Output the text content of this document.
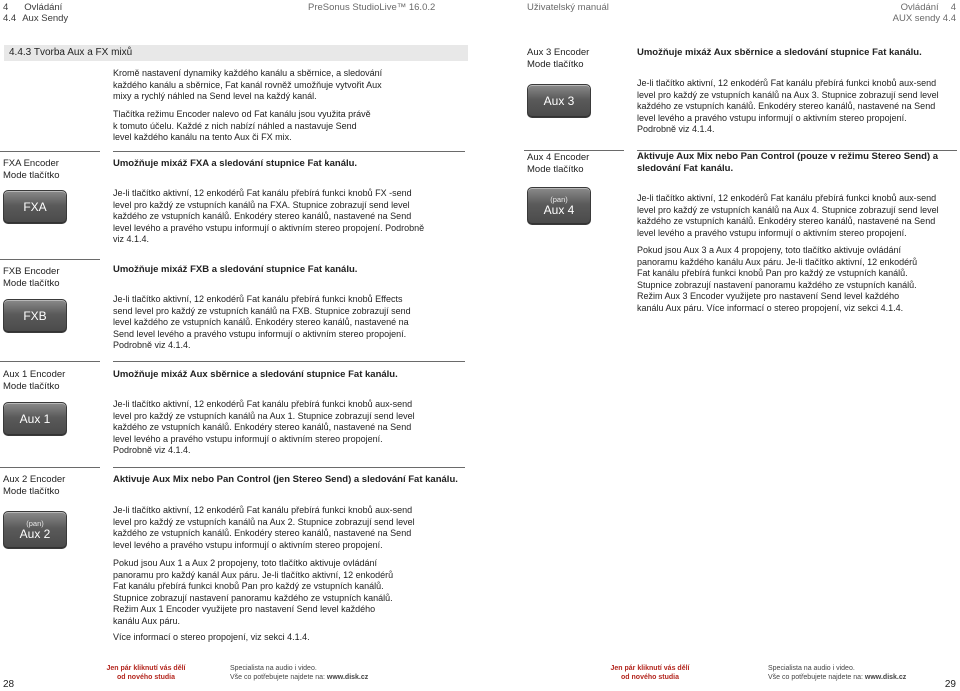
4 Ovládání
4.4 Aux Sendy
PreSonus StudioLive™ 16.0.2	Uživatelský manuál	Ovládání 4
AUX sendy 4.4
4.4.3 Tvorba Aux a FX mixů
Kromě nastavení dynamiky každého kanálu a sběrnice, a sledování
každého kanálu a sběrnice, Fat kanál rovněž umožňuje vytvořit Aux
mixy a rychlý náhled na Send level na každý kanál.
Tlačítka režimu Encoder nalevo od Fat kanálu jsou využita právě
k tomuto účelu. Každé z nich nabízí náhled a nastavuje Send
level každého kanálu na tento Aux či FX mix.
FXA Encoder
Mode tlačítko
FXA
Umožňuje mixáž FXA a sledování stupnice Fat kanálu.
Je-li tlačítko aktivní, 12 enkodérů Fat kanálu přebírá funkci knobů FX -send
level pro každý ze vstupních kanálů na FXA. Stupnice zobrazují send level
každého ze vstupních kanálů. Enkodéry stereo kanálů, nastavené na Send
level levého a pravého vstupu informují o aktivním stereo propojení. Podrobně
viz 4.1.4.
FXB Encoder
Mode tlačítko
FXB
Umožňuje mixáž FXB a sledování stupnice Fat kanálu.
Je-li tlačítko aktivní, 12 enkodérů Fat kanálu přebírá funkci knobů Effects
send level pro každý ze vstupních kanálů na FXB. Stupnice zobrazují send
level každého ze vstupních kanálů. Enkodéry stereo kanálů, nastavené na
Send level levého a pravého vstupu informují o aktivním stereo propojení.
Podrobně viz 4.1.4.
Aux 1 Encoder
Mode tlačítko
Aux 1
Umožňuje mixáž Aux sběrnice a sledování stupnice Fat kanálu.
Je-li tlačítko aktivní, 12 enkodérů Fat kanálu přebírá funkci knobů aux-send
level pro každý ze vstupních kanálů na Aux 1. Stupnice zobrazují send level
každého ze vstupních kanálů. Enkodéry stereo kanálů, nastavené na Send
level levého a pravého vstupu informují o aktivním stereo propojení.
Podrobně viz 4.1.4.
Aux 2 Encoder
Mode tlačítko
(pan)
Aux 2
Aktivuje Aux Mix nebo Pan Control (jen Stereo Send) a sledování Fat kanálu.
Je-li tlačítko aktivní, 12 enkodérů Fat kanálu přebírá funkci knobů aux-send
level pro každý ze vstupních kanálů na Aux 2. Stupnice zobrazují send level
každého ze vstupních kanálů. Enkodéry stereo kanálů, nastavené na Send
level levého a pravého vstupu informují o aktivním stereo propojení.
Pokud jsou Aux 1 a Aux 2 propojeny, toto tlačítko aktivuje ovládání
panoramu pro každý kanál Aux páru. Je-li tlačítko aktivní, 12 enkodérů
Fat kanálu přebírá funkci knobů Pan pro každý ze vstupních kanálů.
Stupnice zobrazují nastavení panoramu každého ze vstupních kanálů.
Režim Aux 1 Encoder využijete pro nastavení Send level každého
kanálu Aux páru.
Více informací o stereo propojení, viz sekci 4.1.4.
Aux 3 Encoder
Mode tlačítko
Aux 3
Umožňuje mixáž Aux sběrnice a sledování stupnice Fat kanálu.
Je-li tlačítko aktivní, 12 enkodérů Fat kanálu přebírá funkci knobů aux-send
level pro každý ze vstupních kanálů na Aux 3. Stupnice zobrazují send level
každého ze vstupních kanálů. Enkodéry stereo kanálů, nastavené na Send
level levého a pravého vstupu informují o aktivním stereo propojení.
Podrobně viz 4.1.4.
Aux 4 Encoder
Mode tlačítko
(pan)
Aux 4
Aktivuje Aux Mix nebo Pan Control (pouze v režimu Stereo Send) a
sledování Fat kanálu.
Je-li tlačítko aktivní, 12 enkodérů Fat kanálu přebírá funkci knobů aux-send
level pro každý ze vstupních kanálů na Aux 4. Stupnice zobrazují send level
každého ze vstupních kanálů. Enkodéry stereo kanálů, nastavené na Send
level levého a pravého vstupu informují o aktivním stereo propojení.
Pokud jsou Aux 3 a Aux 4 propojeny, toto tlačítko aktivuje ovládání
panoramu každého kanálu Aux páru. Je-li tlačítko aktivní, 12 enkodérů
Fat kanálu přebírá funkci knobů Pan pro každý ze vstupních kanálů.
Stupnice zobrazují nastavení panoramu každého ze vstupních kanálů.
Režim Aux 3 Encoder využijete pro nastavení Send level každého
kanálu Aux páru. Více informací o stereo propojení, viz sekci 4.1.4.
Jen pár kliknutí vás dělí
od nového studia
Specialista na audio i video.
Vše co potřebujete najdete na: www.disk.cz
Jen pár kliknutí vás dělí
od nového studia
Specialista na audio i video.
Vše co potřebujete najdete na: www.disk.cz
28	29
